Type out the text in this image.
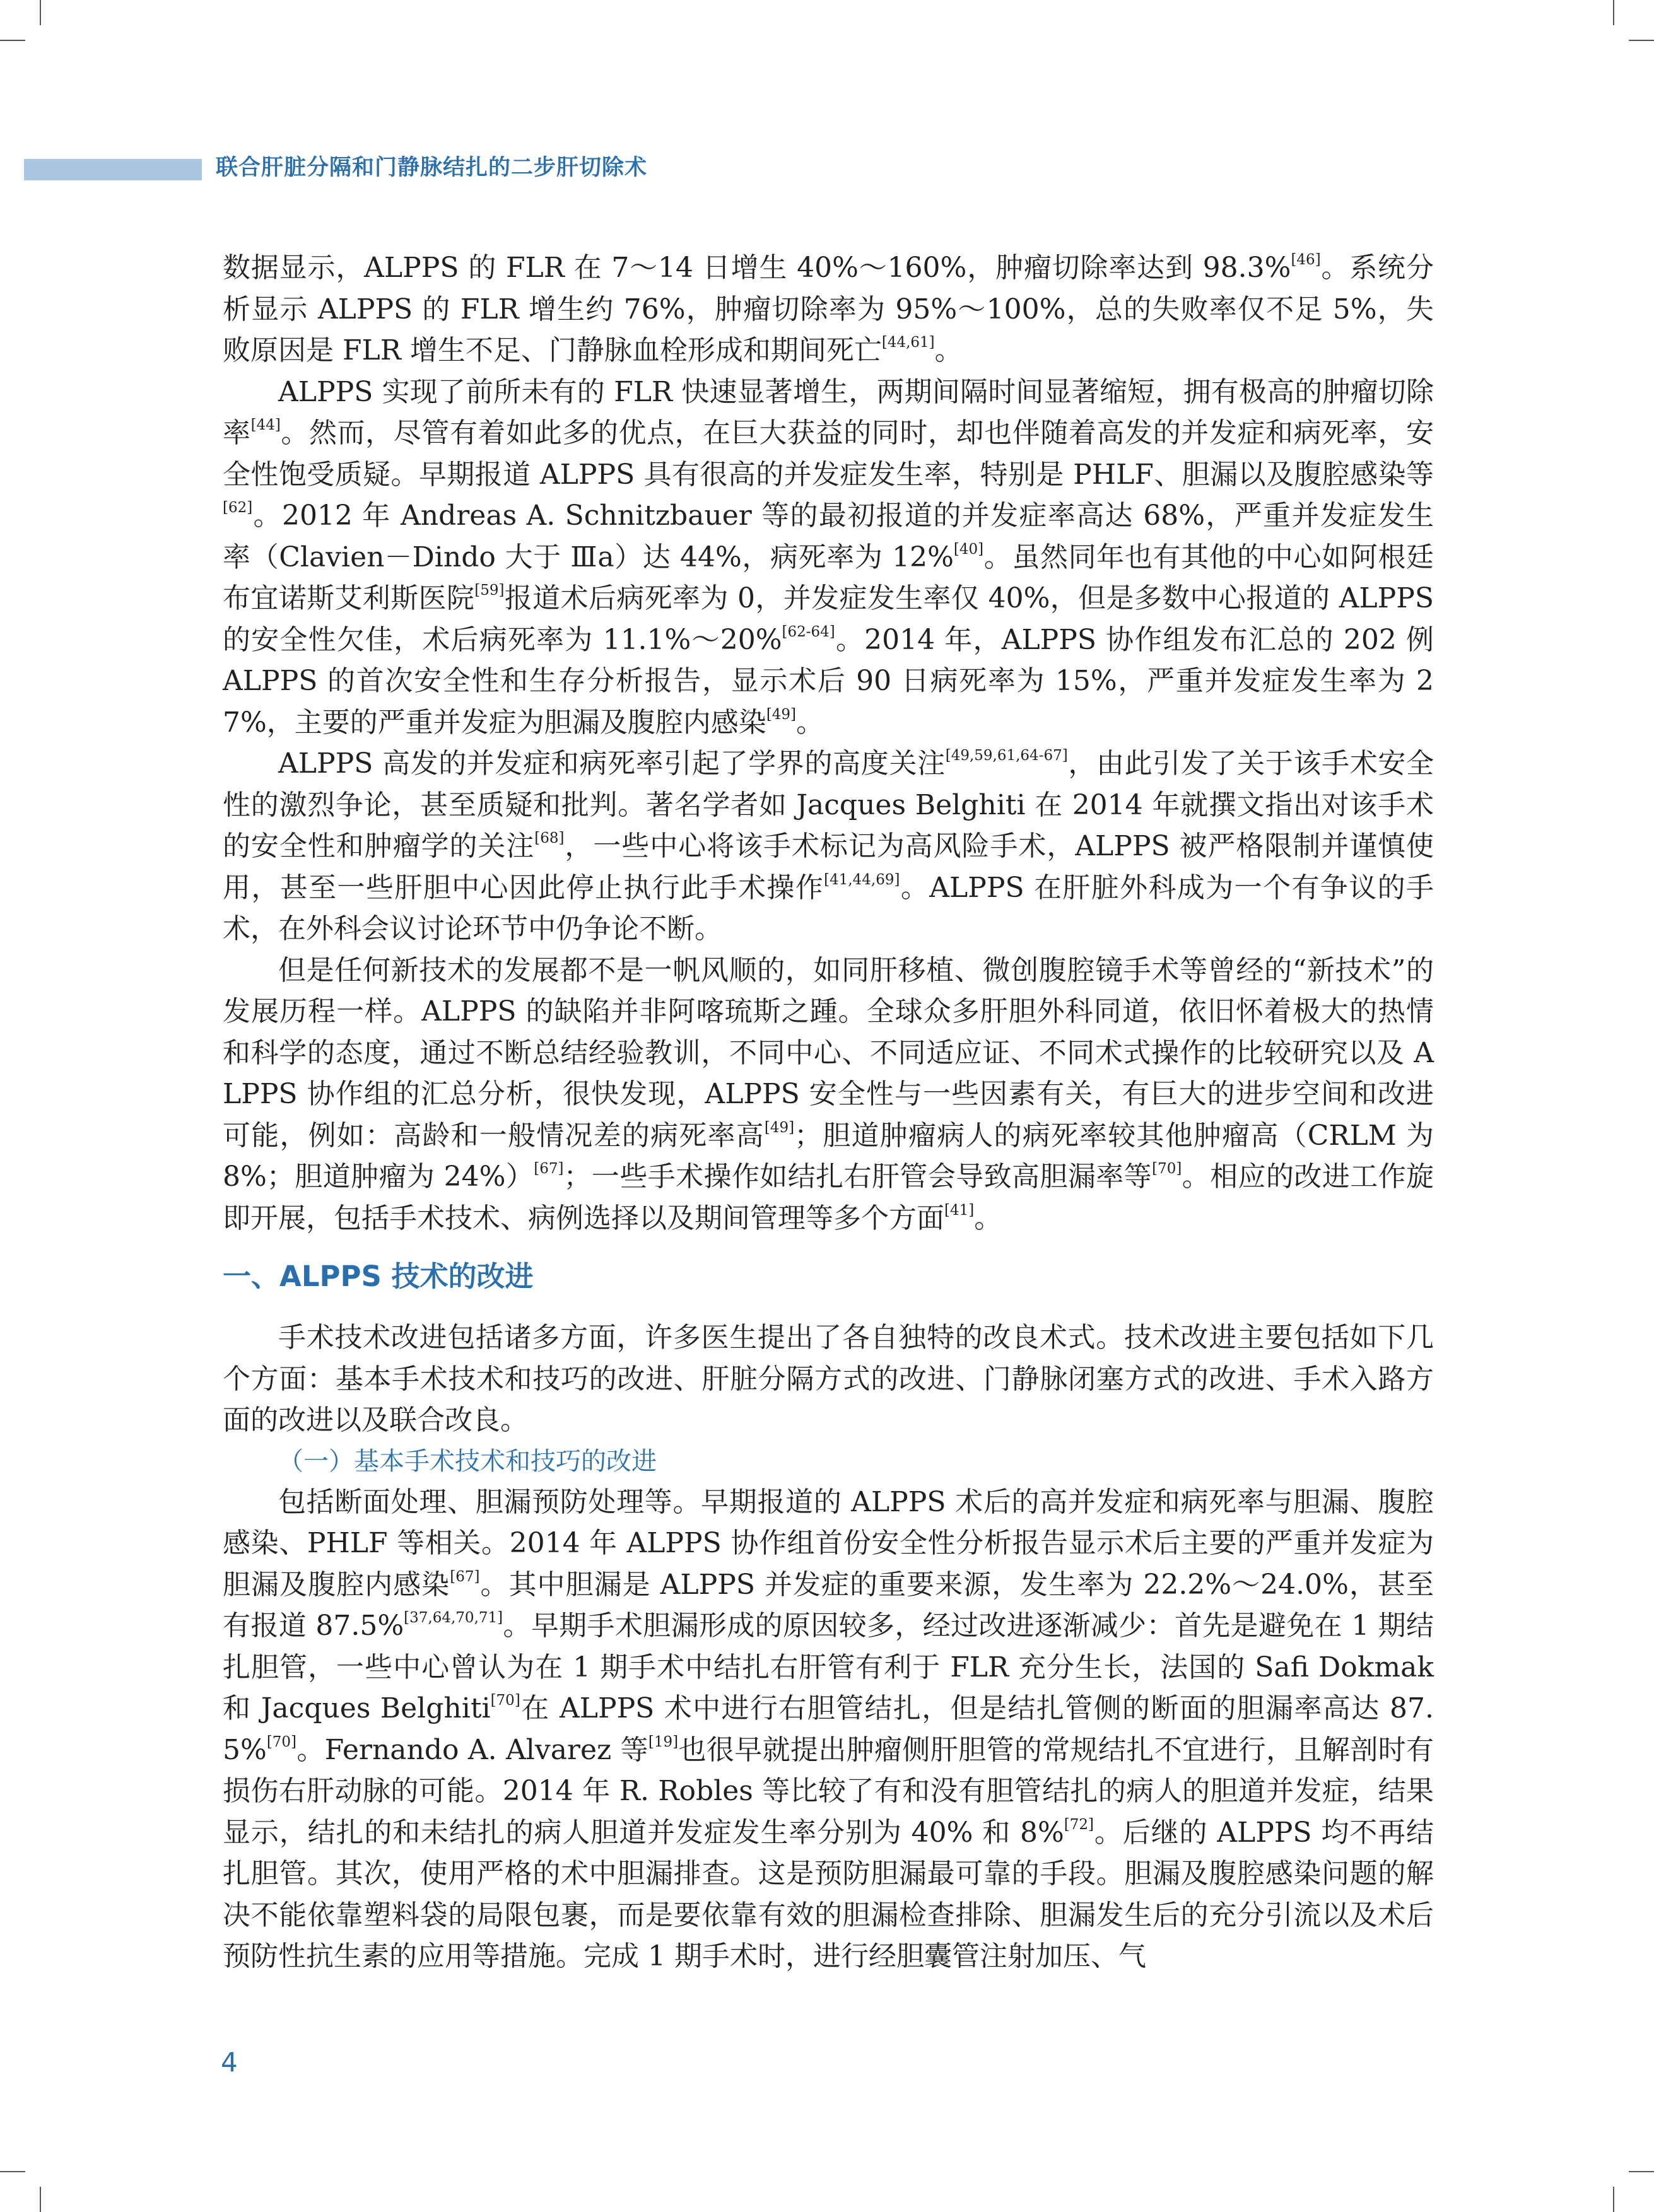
联合肝脏分隔和门静脉结扎的二步肝切除术

数据显示，ALPPS 的 FLR 在 7～14 日增生 40%～160%，肿瘤切除率达到 98.3%[46]。系统分析显示 ALPPS 的 FLR 增生约 76%，肿瘤切除率为 95%～100%，总的失败率仅不足 5%，失败原因是 FLR 增生不足、门静脉血栓形成和期间死亡[44,61]。

ALPPS 实现了前所未有的 FLR 快速显著增生，两期间隔时间显著缩短，拥有极高的肿瘤切除率[44]。然而，尽管有着如此多的优点，在巨大获益的同时，却也伴随着高发的并发症和病死率，安全性饱受质疑。早期报道 ALPPS 具有很高的并发症发生率，特别是 PHLF、胆漏以及腹腔感染等[62]。2012 年 Andreas A. Schnitzbauer 等的最初报道的并发症率高达 68%，严重并发症发生率（Clavien－Dindo 大于 Ⅲa）达 44%，病死率为 12%[40]。虽然同年也有其他的中心如阿根廷布宜诺斯艾利斯医院[59]报道术后病死率为 0，并发症发生率仅 40%，但是多数中心报道的 ALPPS 的安全性欠佳，术后病死率为 11.1%～20%[62-64]。2014 年，ALPPS 协作组发布汇总的 202 例 ALPPS 的首次安全性和生存分析报告，显示术后 90 日病死率为 15%，严重并发症发生率为 27%，主要的严重并发症为胆漏及腹腔内感染[49]。

ALPPS 高发的并发症和病死率引起了学界的高度关注[49,59,61,64-67]，由此引发了关于该手术安全性的激烈争论，甚至质疑和批判。著名学者如 Jacques Belghiti 在 2014 年就撰文指出对该手术的安全性和肿瘤学的关注[68]，一些中心将该手术标记为高风险手术，ALPPS 被严格限制并谨慎使用，甚至一些肝胆中心因此停止执行此手术操作[41,44,69]。ALPPS 在肝脏外科成为一个有争议的手术，在外科会议讨论环节中仍争论不断。

但是任何新技术的发展都不是一帆风顺的，如同肝移植、微创腹腔镜手术等曾经的“新技术”的发展历程一样。ALPPS 的缺陷并非阿喀琉斯之踵。全球众多肝胆外科同道，依旧怀着极大的热情和科学的态度，通过不断总结经验教训，不同中心、不同适应证、不同术式操作的比较研究以及 ALPPS 协作组的汇总分析，很快发现，ALPPS 安全性与一些因素有关，有巨大的进步空间和改进可能，例如：高龄和一般情况差的病死率高[49]；胆道肿瘤病人的病死率较其他肿瘤高（CRLM 为 8%；胆道肿瘤为 24%）[67]；一些手术操作如结扎右肝管会导致高胆漏率等[70]。相应的改进工作旋即开展，包括手术技术、病例选择以及期间管理等多个方面[41]。

一、ALPPS 技术的改进

手术技术改进包括诸多方面，许多医生提出了各自独特的改良术式。技术改进主要包括如下几个方面：基本手术技术和技巧的改进、肝脏分隔方式的改进、门静脉闭塞方式的改进、手术入路方面的改进以及联合改良。

（一）基本手术技术和技巧的改进

包括断面处理、胆漏预防处理等。早期报道的 ALPPS 术后的高并发症和病死率与胆漏、腹腔感染、PHLF 等相关。2014 年 ALPPS 协作组首份安全性分析报告显示术后主要的严重并发症为胆漏及腹腔内感染[67]。其中胆漏是 ALPPS 并发症的重要来源，发生率为 22.2%～24.0%，甚至有报道 87.5%[37,64,70,71]。早期手术胆漏形成的原因较多，经过改进逐渐减少：首先是避免在 1 期结扎胆管，一些中心曾认为在 1 期手术中结扎右肝管有利于 FLR 充分生长，法国的 Safi Dokmak 和 Jacques Belghiti[70]在 ALPPS 术中进行右胆管结扎，但是结扎管侧的断面的胆漏率高达 87.5%[70]。Fernando A. Alvarez 等[19]也很早就提出肿瘤侧肝胆管的常规结扎不宜进行，且解剖时有损伤右肝动脉的可能。2014 年 R. Robles 等比较了有和没有胆管结扎的病人的胆道并发症，结果显示，结扎的和未结扎的病人胆道并发症发生率分别为 40% 和 8%[72]。后继的 ALPPS 均不再结扎胆管。其次，使用严格的术中胆漏排查。这是预防胆漏最可靠的手段。胆漏及腹腔感染问题的解决不能依靠塑料袋的局限包裹，而是要依靠有效的胆漏检查排除、胆漏发生后的充分引流以及术后预防性抗生素的应用等措施。完成 1 期手术时，进行经胆囊管注射加压、气

4
